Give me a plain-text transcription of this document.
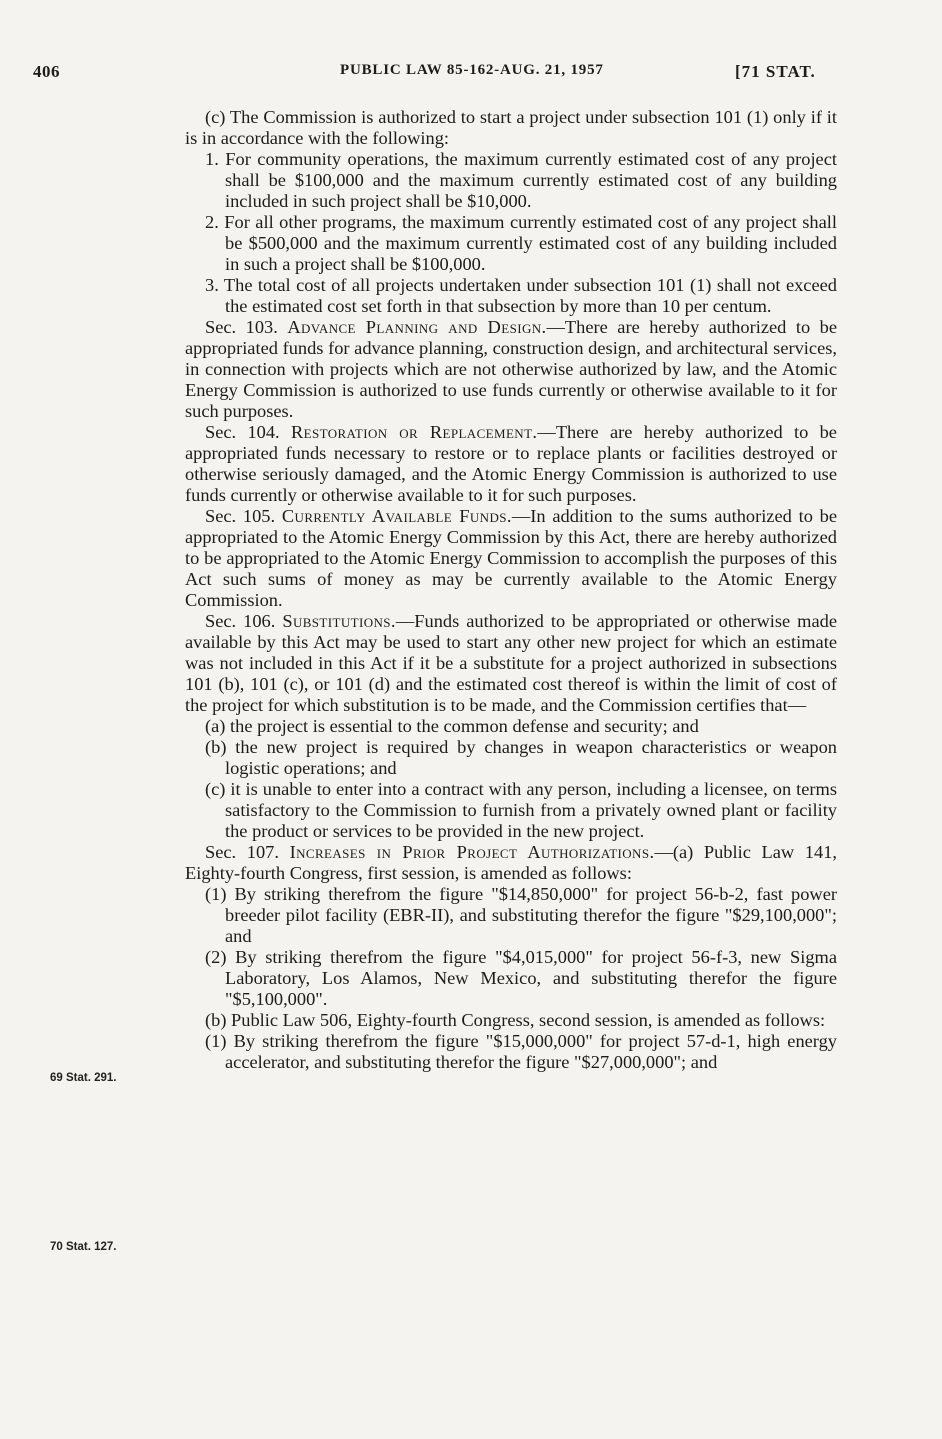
406	PUBLIC LAW 85-162-AUG. 21, 1957	[71 STAT.
69 Stat. 291.
70 Stat. 127.

(c) The Commission is authorized to start a project under subsection 101 (1) only if it is in accordance with the following:

1. For community operations, the maximum currently estimated cost of any project shall be $100,000 and the maximum currently estimated cost of any building included in such project shall be $10,000.

2. For all other programs, the maximum currently estimated cost of any project shall be $500,000 and the maximum currently estimated cost of any building included in such a project shall be $100,000.

3. The total cost of all projects undertaken under subsection 101 (1) shall not exceed the estimated cost set forth in that subsection by more than 10 per centum.

Sec. 103. Advance Planning and Design.—There are hereby authorized to be appropriated funds for advance planning, construction design, and architectural services, in connection with projects which are not otherwise authorized by law, and the Atomic Energy Commission is authorized to use funds currently or otherwise available to it for such purposes.

Sec. 104. Restoration or Replacement.—There are hereby authorized to be appropriated funds necessary to restore or to replace plants or facilities destroyed or otherwise seriously damaged, and the Atomic Energy Commission is authorized to use funds currently or otherwise available to it for such purposes.

Sec. 105. Currently Available Funds.—In addition to the sums authorized to be appropriated to the Atomic Energy Commission by this Act, there are hereby authorized to be appropriated to the Atomic Energy Commission to accomplish the purposes of this Act such sums of money as may be currently available to the Atomic Energy Commission.

Sec. 106. Substitutions.—Funds authorized to be appropriated or otherwise made available by this Act may be used to start any other new project for which an estimate was not included in this Act if it be a substitute for a project authorized in subsections 101 (b), 101 (c), or 101 (d) and the estimated cost thereof is within the limit of cost of the project for which substitution is to be made, and the Commission certifies that—

(a) the project is essential to the common defense and security; and

(b) the new project is required by changes in weapon characteristics or weapon logistic operations; and

(c) it is unable to enter into a contract with any person, including a licensee, on terms satisfactory to the Commission to furnish from a privately owned plant or facility the product or services to be provided in the new project.

Sec. 107. Increases in Prior Project Authorizations.—(a) Public Law 141, Eighty-fourth Congress, first session, is amended as follows:

(1) By striking therefrom the figure "$14,850,000" for project 56-b-2, fast power breeder pilot facility (EBR-II), and substituting therefor the figure "$29,100,000"; and

(2) By striking therefrom the figure "$4,015,000" for project 56-f-3, new Sigma Laboratory, Los Alamos, New Mexico, and substituting therefor the figure "$5,100,000".

(b) Public Law 506, Eighty-fourth Congress, second session, is amended as follows:

(1) By striking therefrom the figure "$15,000,000" for project 57-d-1, high energy accelerator, and substituting therefor the figure "$27,000,000"; and
